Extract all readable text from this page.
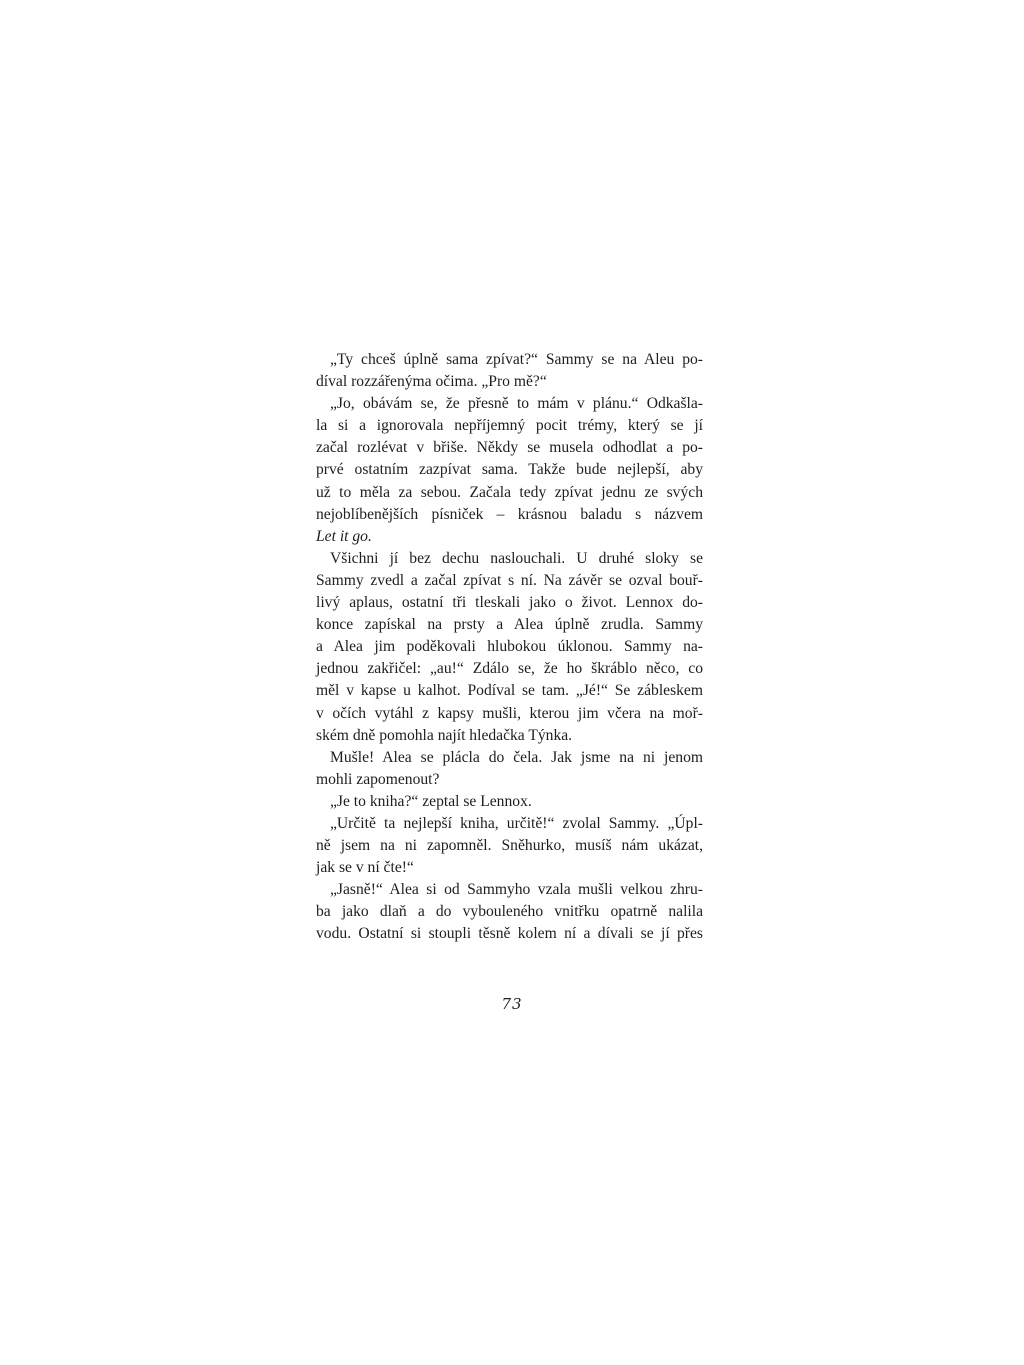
„Ty chceš úplně sama zpívat?“ Sammy se na Aleu po-
díval rozzářenýma očima. „Pro mě?“
„Jo, obávám se, že přesně to mám v plánu.“ Odkašla-
la si a ignorovala nepříjemný pocit trémy, který se jí
začal rozlévat v břiše. Někdy se musela odhodlat a po-
prvé ostatním zazpívat sama. Takže bude nejlepší, aby
už to měla za sebou. Začala tedy zpívat jednu ze svých
nejoblíbenějších písniček – krásnou baladu s názvem
Let it go.
Všichni jí bez dechu naslouchali. U druhé sloky se
Sammy zvedl a začal zpívat s ní. Na závěr se ozval bouř-
livý aplaus, ostatní tři tleskali jako o život. Lennox do-
konce zapískal na prsty a Alea úplně zrudla. Sammy
a Alea jim poděkovali hlubokou úklonou. Sammy na-
jednou zakřičel: „au!“ Zdálo se, že ho škráblo něco, co
měl v kapse u kalhot. Podíval se tam. „Jé!“ Se zábleskem
v očích vytáhl z kapsy mušli, kterou jim včera na moř-
ském dně pomohla najít hledačka Týnka.
Mušle! Alea se plácla do čela. Jak jsme na ni jenom
mohli zapomenout?
„Je to kniha?“ zeptal se Lennox.
„Určitě ta nejlepší kniha, určitě!“ zvolal Sammy. „Úpl-
ně jsem na ni zapomněl. Sněhurko, musíš nám ukázat,
jak se v ní čte!“
„Jasně!“ Alea si od Sammyho vzala mušli velkou zhru-
ba jako dlaň a do vybouleného vnitřku opatrně nalila
vodu. Ostatní si stoupli těsně kolem ní a dívali se jí přes
73
